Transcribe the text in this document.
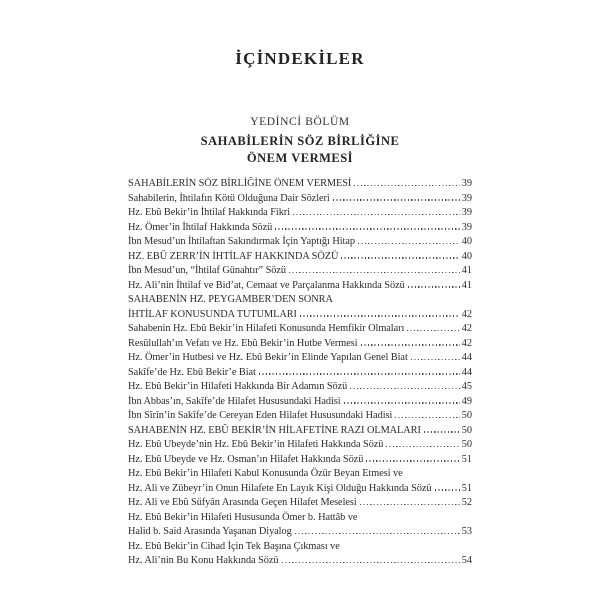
İÇİNDEKİLER
YEDİNCİ BÖLÜM
SAHABİLERİN SÖZ BİRLİĞİNE
ÖNEM VERMESİ
SAHABİLERİN SÖZ BİRLİĞİNE ÖNEM VERMESİ	39
Sahabilerin, İhtilafın Kötü Olduğuna Dair Sözleri	39
Hz. Ebû Bekir’in İhtilaf Hakkında Fikri	39
Hz. Ömer’in İhtilaf Hakkında Sözü	39
İbn Mesud’un İhtilaftan Sakındırmak İçin Yaptığı Hitap	40
HZ. EBÛ ZERR’İN İHTİLAF HAKKINDA SÖZÜ	40
İbn Mesud’un, “İhtilaf Günahtır” Sözü	41
Hz. Ali’nin İhtilaf ve Bid’at, Cemaat ve Parçalanma Hakkında Sözü	41
SAHABENİN HZ. PEYGAMBER’DEN SONRA
İHTİLAF KONUSUNDA TUTUMLARI	42
Sahabenin Hz. Ebû Bekir’in Hilafeti Konusunda Hemfikir Olmaları	42
Resûlullah’ın Vefatı ve Hz. Ebû Bekir’in Hutbe Vermesi	42
Hz. Ömer’in Hutbesi ve Hz. Ebû Bekir’in Elinde Yapılan Genel Biat	44
Sakîfe’de Hz. Ebû Bekir’e Biat	44
Hz. Ebû Bekir’in Hilafeti Hakkında Bir Adamın Sözü	45
İbn Abbas’ın, Sakîfe’de Hilafet Hususundaki Hadisi	49
İbn Sîrîn’in Sakîfe’de Cereyan Eden Hilafet Hususundaki Hadisi	50
SAHABENİN HZ. EBÛ BEKİR’İN HİLAFETİNE RAZI OLMALARI	50
Hz. Ebû Ubeyde’nin Hz. Ebû Bekir’in Hilafeti Hakkında Sözü	50
Hz. Ebû Ubeyde ve Hz. Osman’ın Hilafet Hakkında Sözü	51
Hz. Ebû Bekir’in Hilafeti Kabul Konusunda Özür Beyan Etmesi ve
Hz. Ali ve Zübeyr’in Onun Hilafete En Layık Kişi Olduğu Hakkında Sözü	51
Hz. Ali ve Ebû Süfyân Arasında Geçen Hilafet Meselesi	52
Hz. Ebû Bekir’in Hilafeti Hususunda Ömer b. Hattâb ve
Halid b. Said Arasında Yaşanan Diyalog	53
Hz. Ebû Bekir’in Cihad İçin Tek Başına Çıkması ve
Hz. Ali’nin Bu Konu Hakkında Sözü	54
